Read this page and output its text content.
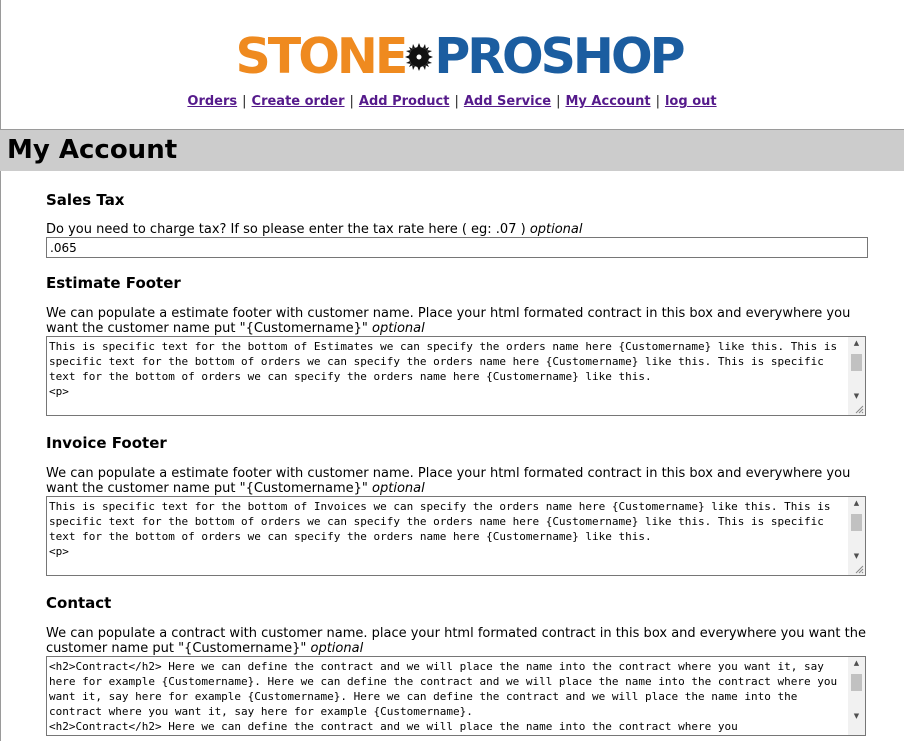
STONE PROSHOP
Orders | Create order | Add Product | Add Service | My Account | log out
My Account
Sales Tax
Do you need to charge tax? If so please enter the tax rate here ( eg: .07 ) optional
.065
Estimate Footer
We can populate a estimate footer with customer name. Place your html formated contract in this box and everywhere you want the customer name put "{Customername}" optional
This is specific text for the bottom of Estimates we can specify the orders name here {Customername} like this. This is specific text for the bottom of orders we can specify the orders name here {Customername} like this. This is specific text for the bottom of orders we can specify the orders name here {Customername} like this.
<p>
▲
▼
Invoice Footer
We can populate a estimate footer with customer name. Place your html formated contract in this box and everywhere you want the customer name put "{Customername}" optional
This is specific text for the bottom of Invoices we can specify the orders name here {Customername} like this. This is specific text for the bottom of orders we can specify the orders name here {Customername} like this. This is specific text for the bottom of orders we can specify the orders name here {Customername} like this.
<p>
▲
▼
Contact
We can populate a contract with customer name. place your html formated contract in this box and everywhere you want the customer name put "{Customername}" optional
<h2>Contract</h2> Here we can define the contract and we will place the name into the contract where you want it, say here for example {Customername}. Here we can define the contract and we will place the name into the contract where you want it, say here for example {Customername}. Here we can define the contract and we will place the name into the contract where you want it, say here for example {Customername}.
<h2>Contract</h2> Here we can define the contract and we will place the name into the contract where you
▲
▼
